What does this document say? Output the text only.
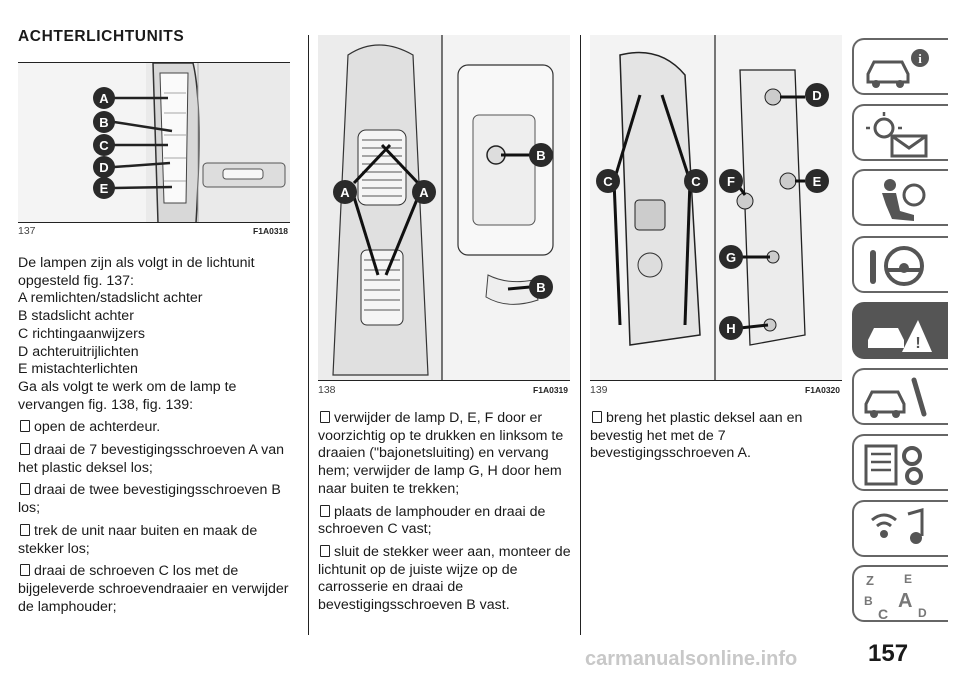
ACHTERLICHTUNITS
A
B
C
D
E
137	F1A0318
De lampen zijn als volgt in de lichtunit opgesteld fig. 137:
A remlichten/stadslicht achter
B stadslicht achter
C richtingaanwijzers
D achteruitrijlichten
E mistachterlichten

Ga als volgt te werk om de lamp te vervangen fig. 138, fig. 139:

open de achterdeur.

draai de 7 bevestigingsschroeven A van het plastic deksel los;

draai de twee bevestigingsschroeven B los;

trek de unit naar buiten en maak de stekker los;

draai de schroeven C los met de bijgeleverde schroevendraaier en verwijder de lamphouder;

A	A
B
B
138	F1A0319

verwijder de lamp D, E, F door er voorzichtig op te drukken en linksom te draaien ("bajonetsluiting) en vervang hem; verwijder de lamp G, H door hem naar buiten te trekken;

plaats de lamphouder en draai de schroeven C vast;

sluit de stekker weer aan, monteer de lichtunit op de juiste wijze op de carrosserie en draai de bevestigingsschroeven B vast.

C	C
D
F	E
G
H
139	F1A0320

breng het plastic deksel aan en bevestig het met de 7 bevestigingsschroeven A.

i
!
Z	E
B A
C D
157
carmanualsonline.info
